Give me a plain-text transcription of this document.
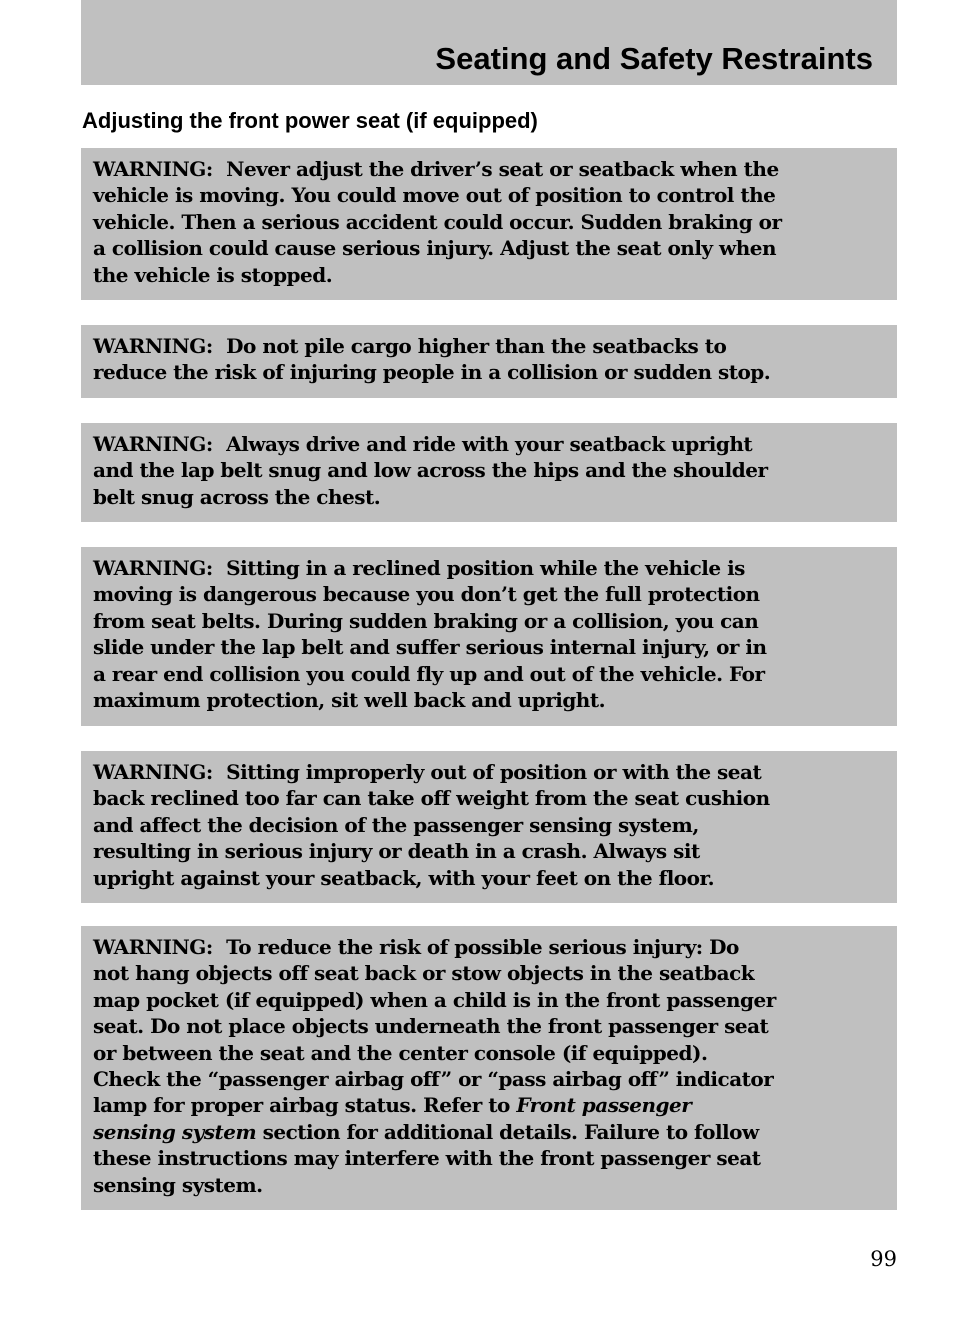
Seating and Safety Restraints
Adjusting the front power seat (if equipped)

WARNING: Never adjust the driver’s seat or seatback when the
vehicle is moving. You could move out of position to control the
vehicle. Then a serious accident could occur. Sudden braking or
a collision could cause serious injury. Adjust the seat only when
the vehicle is stopped.

WARNING: Do not pile cargo higher than the seatbacks to
reduce the risk of injuring people in a collision or sudden stop.

WARNING: Always drive and ride with your seatback upright
and the lap belt snug and low across the hips and the shoulder
belt snug across the chest.

WARNING: Sitting in a reclined position while the vehicle is
moving is dangerous because you don’t get the full protection
from seat belts. During sudden braking or a collision, you can
slide under the lap belt and suffer serious internal injury, or in
a rear end collision you could fly up and out of the vehicle. For
maximum protection, sit well back and upright.

WARNING: Sitting improperly out of position or with the seat
back reclined too far can take off weight from the seat cushion
and affect the decision of the passenger sensing system,
resulting in serious injury or death in a crash. Always sit
upright against your seatback, with your feet on the floor.

WARNING: To reduce the risk of possible serious injury: Do
not hang objects off seat back or stow objects in the seatback
map pocket (if equipped) when a child is in the front passenger
seat. Do not place objects underneath the front passenger seat
or between the seat and the center console (if equipped).
Check the “passenger airbag off” or “pass airbag off” indicator
lamp for proper airbag status. Refer to Front passenger
sensing system section for additional details. Failure to follow
these instructions may interfere with the front passenger seat
sensing system.

99
